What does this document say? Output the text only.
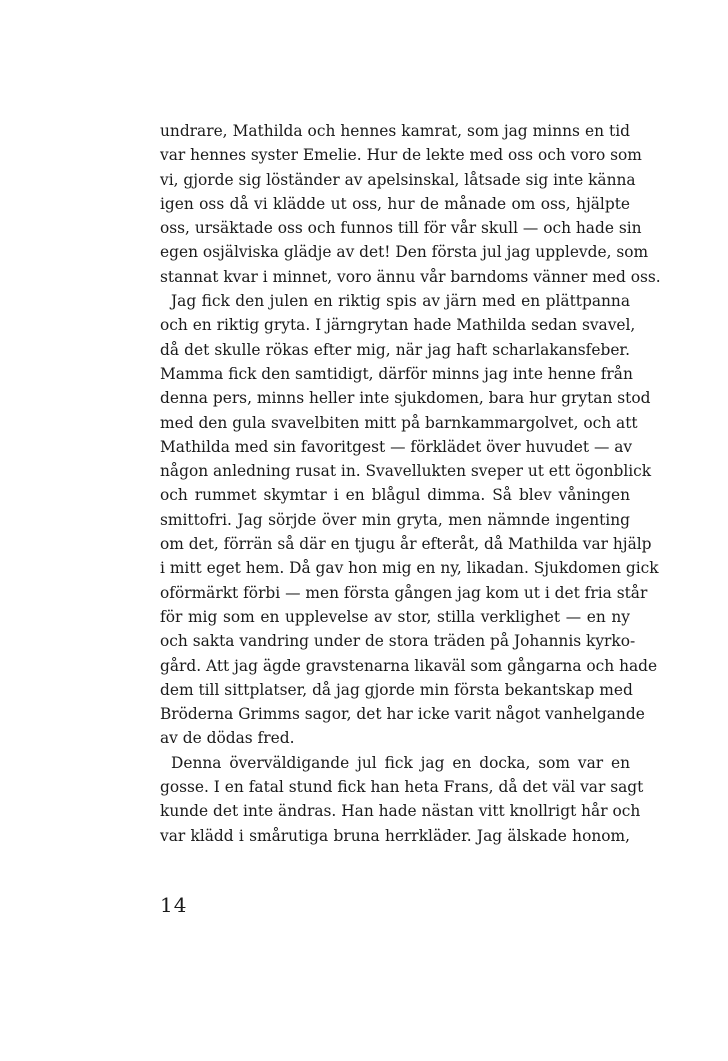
undrare, Mathilda och hennes kamrat, som jag minns en tid
var hennes syster Emelie. Hur de lekte med oss och voro som
vi, gjorde sig löständer av apelsinskal, låtsade sig inte känna
igen oss då vi klädde ut oss, hur de månade om oss, hjälpte
oss, ursäktade oss och funnos till för vår skull — och hade sin
egen osjälviska glädje av det! Den första jul jag upplevde, som
stannat kvar i minnet, voro ännu vår barndoms vänner med oss.

Jag fick den julen en riktig spis av järn med en plättpanna
och en riktig gryta. I järngrytan hade Mathilda sedan svavel,
då det skulle rökas efter mig, när jag haft scharlakansfeber.
Mamma fick den samtidigt, därför minns jag inte henne från
denna pers, minns heller inte sjukdomen, bara hur grytan stod
med den gula svavelbiten mitt på barnkammargolvet, och att
Mathilda med sin favoritgest — förklädet över huvudet — av
någon anledning rusat in. Svavellukten sveper ut ett ögonblick
och rummet skymtar i en blågul dimma. Så blev våningen
smittofri. Jag sörjde över min gryta, men nämnde ingenting
om det, förrän så där en tjugu år efteråt, då Mathilda var hjälp
i mitt eget hem. Då gav hon mig en ny, likadan. Sjukdomen gick
oförmärkt förbi — men första gången jag kom ut i det fria står
för mig som en upplevelse av stor, stilla verklighet — en ny
och sakta vandring under de stora träden på Johannis kyrko-
gård. Att jag ägde gravstenarna likaväl som gångarna och hade
dem till sittplatser, då jag gjorde min första bekantskap med
Bröderna Grimms sagor, det har icke varit något vanhelgande
av de dödas fred.

Denna överväldigande jul fick jag en docka, som var en
gosse. I en fatal stund fick han heta Frans, då det väl var sagt
kunde det inte ändras. Han hade nästan vitt knollrigt hår och
var klädd i smårutiga bruna herrkläder. Jag älskade honom,

14
